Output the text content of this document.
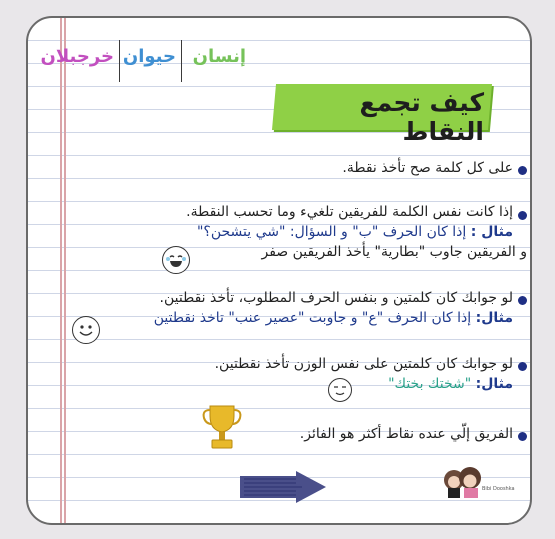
إنسان
حيوان
خرجبلان
كيف تجمع النقاط
على كل كلمة صح تأخذ نقطة.
إذا كانت نفس الكلمة للفريقين تلغيء وما تحسب النقطة.
مثال : إذا كان الحرف "ب" و السؤال: "شي يتشحن؟"
و الفريقين جاوب "بطارية" يأخذ الفريقين صفر
لو جوابك كان كلمتين و بنفس الحرف المطلوب، تأخذ نقطتين.
مثال: إذا كان الحرف "ع" و جاوبت "عصير عنب" تاخذ نقطتين
لو جوابك كان كلمتين على نفس الوزن تأخذ نقطتين.
مثال: "شختك بختك"
الفريق إلّي عنده نقاط أكثر هو الفائز.
Bibi Dooshka
